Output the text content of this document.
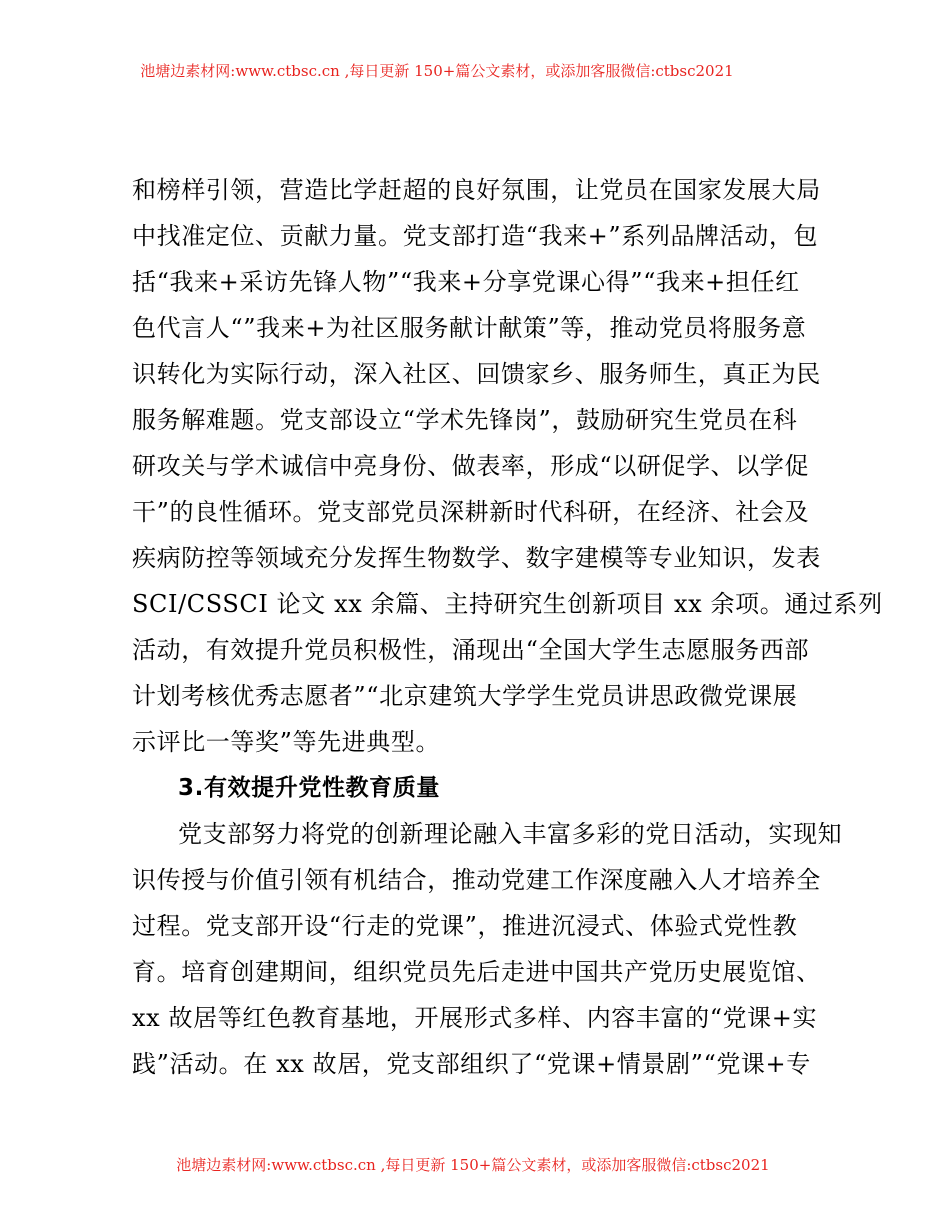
池塘边素材网:www.ctbsc.cn ,每日更新 150+篇公文素材，或添加客服微信:ctbsc2021
和榜样引领，营造比学赶超的良好氛围，让党员在国家发展大局
中找准定位、贡献力量。党支部打造“我来+”系列品牌活动，包
括“我来+采访先锋人物”“我来+分享党课心得”“我来+担任红
色代言人“”我来+为社区服务献计献策”等，推动党员将服务意
识转化为实际行动，深入社区、回馈家乡、服务师生，真正为民
服务解难题。党支部设立“学术先锋岗”，鼓励研究生党员在科
研攻关与学术诚信中亮身份、做表率，形成“以研促学、以学促
干”的良性循环。党支部党员深耕新时代科研，在经济、社会及
疾病防控等领域充分发挥生物数学、数字建模等专业知识，发表
SCI/CSSCI 论文 xx 余篇、主持研究生创新项目 xx 余项。通过系列
活动，有效提升党员积极性，涌现出“全国大学生志愿服务西部
计划考核优秀志愿者”“北京建筑大学学生党员讲思政微党课展
示评比一等奖”等先进典型。
3.有效提升党性教育质量
党支部努力将党的创新理论融入丰富多彩的党日活动，实现知
识传授与价值引领有机结合，推动党建工作深度融入人才培养全
过程。党支部开设“行走的党课”，推进沉浸式、体验式党性教
育。培育创建期间，组织党员先后走进中国共产党历史展览馆、
xx 故居等红色教育基地，开展形式多样、内容丰富的“党课+实
践”活动。在 xx 故居，党支部组织了“党课+情景剧”“党课+专
池塘边素材网:www.ctbsc.cn ,每日更新 150+篇公文素材，或添加客服微信:ctbsc2021
